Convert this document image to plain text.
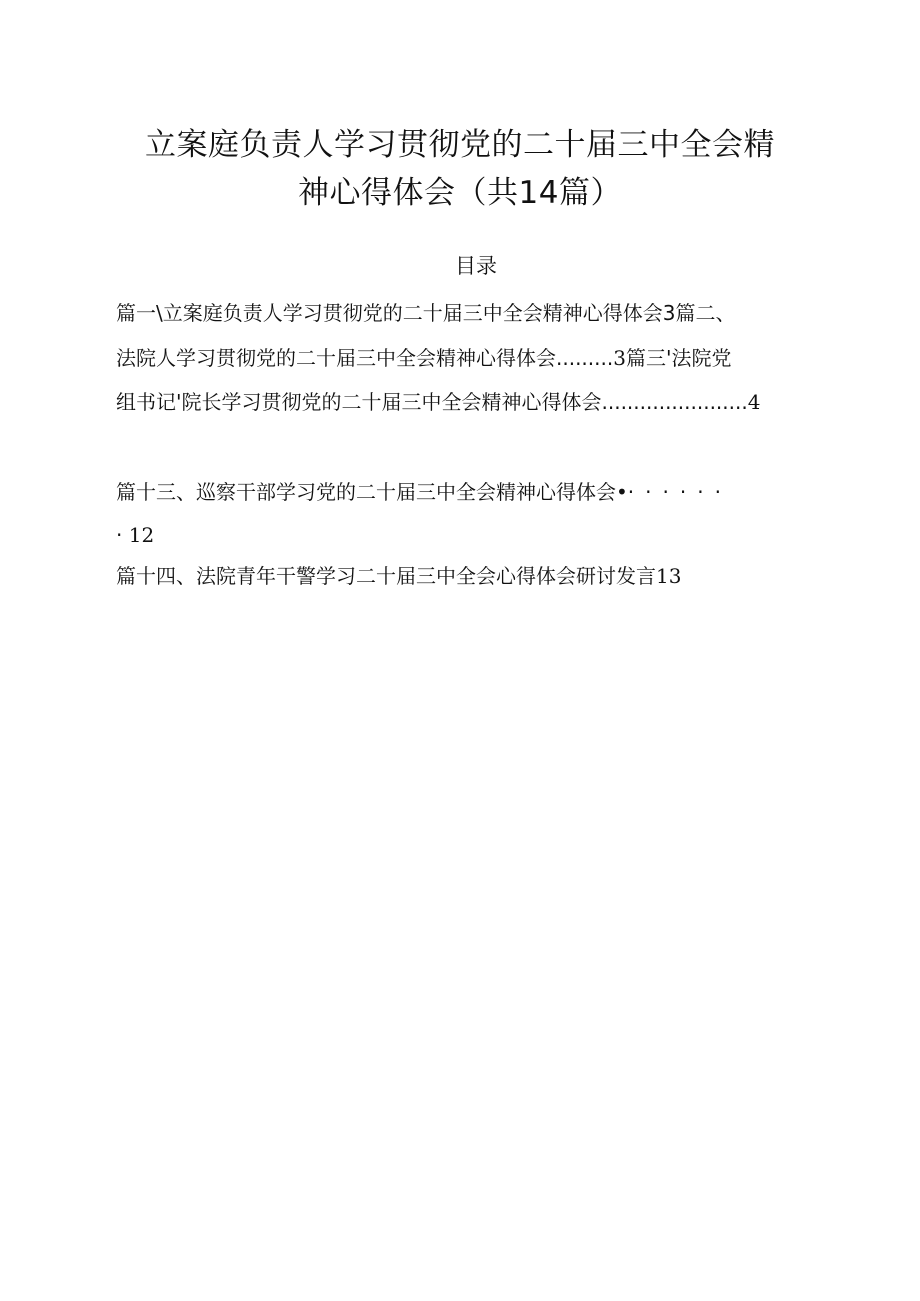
立案庭负责人学习贯彻党的二十届三中全会精
神心得体会（共14篇）
目录
篇一\立案庭负责人学习贯彻党的二十届三中全会精神心得体会3篇二、
法院人学习贯彻党的二十届三中全会精神心得体会.........3篇三'法院党
组书记'院长学习贯彻党的二十届三中全会精神心得体会.......................4
篇十三、巡察干部学习党的二十届三中全会精神心得体会•······
· 12
篇十四、法院青年干警学习二十届三中全会心得体会研讨发言13
